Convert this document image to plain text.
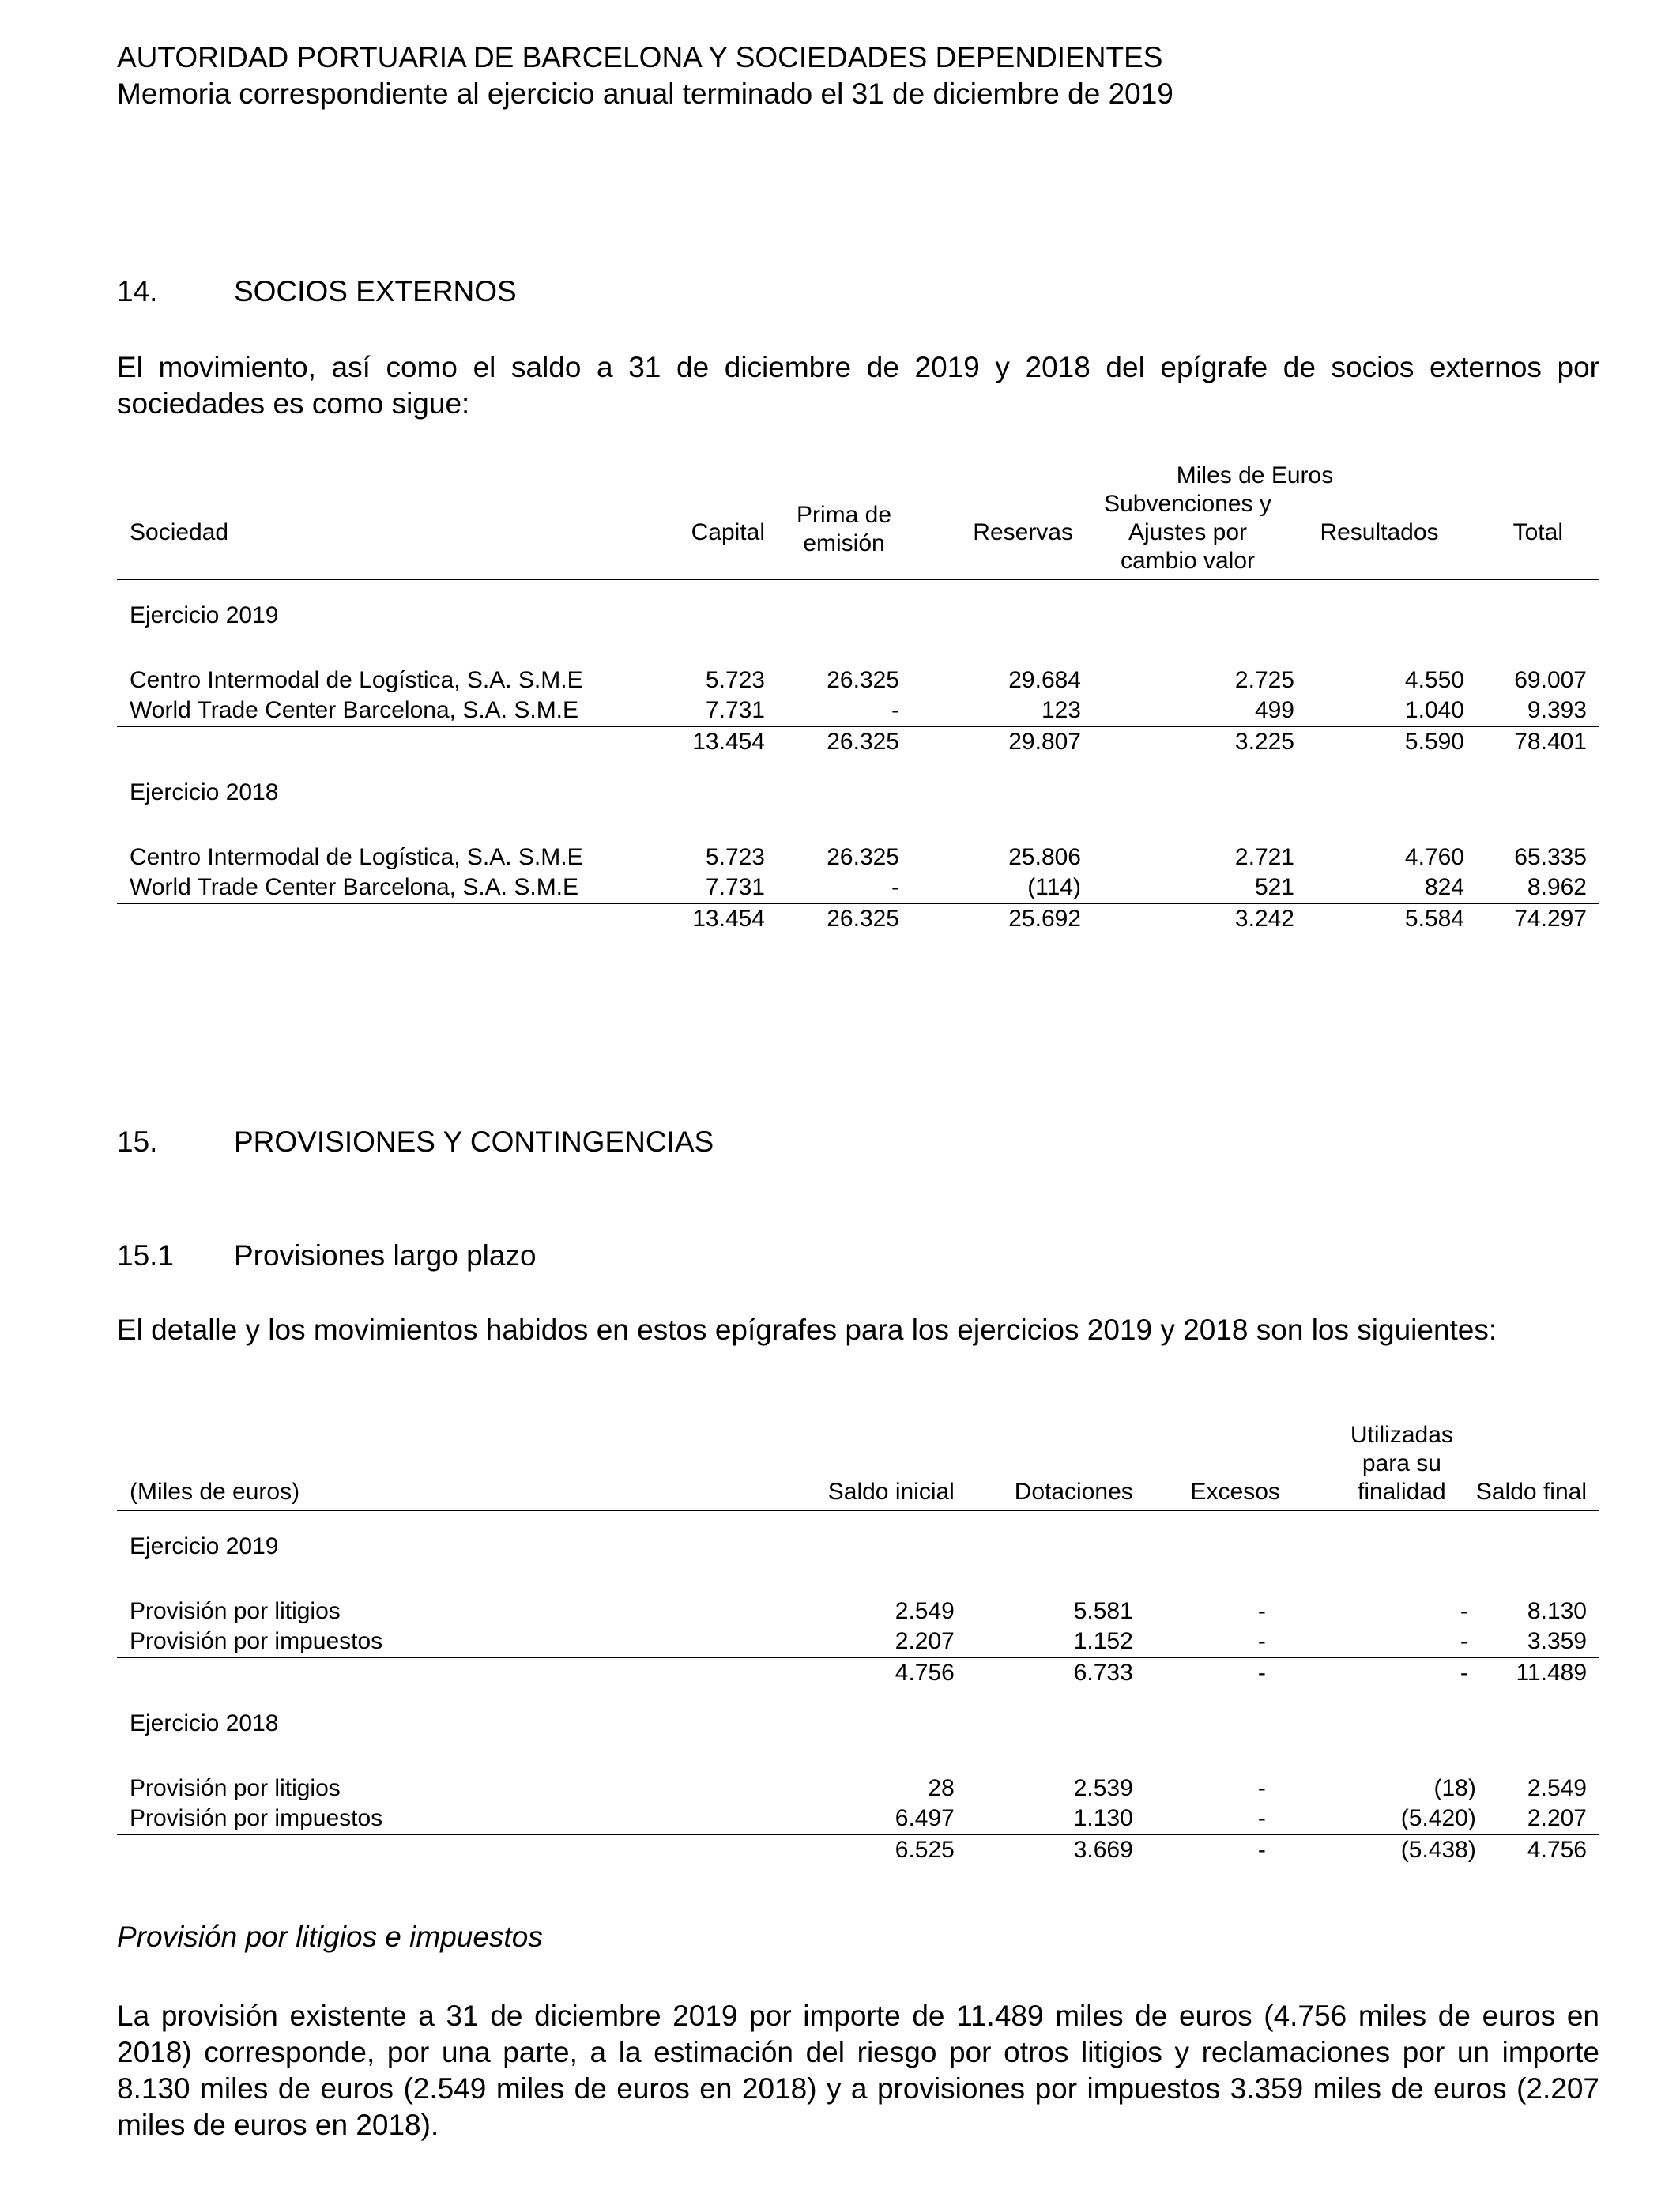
AUTORIDAD PORTUARIA DE BARCELONA Y SOCIEDADES DEPENDIENTES
Memoria correspondiente al ejercicio anual terminado el 31 de diciembre de 2019
14.	SOCIOS EXTERNOS
El movimiento, así como el saldo a 31 de diciembre de 2019 y 2018 del epígrafe de socios externos por sociedades es como sigue:
Miles de Euros
Sociedad	Capital	Prima de emisión	Reservas	Subvenciones y Ajustes por cambio valor	Resultados	Total
Ejercicio 2019						
Centro Intermodal de Logística, S.A. S.M.E	5.723	26.325	29.684	2.725	4.550	69.007
World Trade Center Barcelona, S.A. S.M.E	7.731	-	123	499	1.040	9.393
	13.454	26.325	29.807	3.225	5.590	78.401
Ejercicio 2018						
Centro Intermodal de Logística, S.A. S.M.E	5.723	26.325	25.806	2.721	4.760	65.335
World Trade Center Barcelona, S.A. S.M.E	7.731	-	(114)	521	824	8.962
	13.454	26.325	25.692	3.242	5.584	74.297
15.	PROVISIONES Y CONTINGENCIAS
15.1 Provisiones largo plazo
El detalle y los movimientos habidos en estos epígrafes para los ejercicios 2019 y 2018 son los siguientes:
(Miles de euros)	Saldo inicial	Dotaciones	Excesos	Utilizadas para su finalidad	Saldo final
Ejercicio 2019					
Provisión por litigios	2.549	5.581	-	-	8.130
Provisión por impuestos	2.207	1.152	-	-	3.359
	4.756	6.733	-	-	11.489
Ejercicio 2018					
Provisión por litigios	28	2.539	-	(18)	2.549
Provisión por impuestos	6.497	1.130	-	(5.420)	2.207
	6.525	3.669	-	(5.438)	4.756
Provisión por litigios e impuestos
La provisión existente a 31 de diciembre 2019 por importe de 11.489 miles de euros (4.756 miles de euros en 2018) corresponde, por una parte, a la estimación del riesgo por otros litigios y reclamaciones por un importe 8.130 miles de euros (2.549 miles de euros en 2018) y a provisiones por impuestos 3.359 miles de euros (2.207 miles de euros en 2018).
